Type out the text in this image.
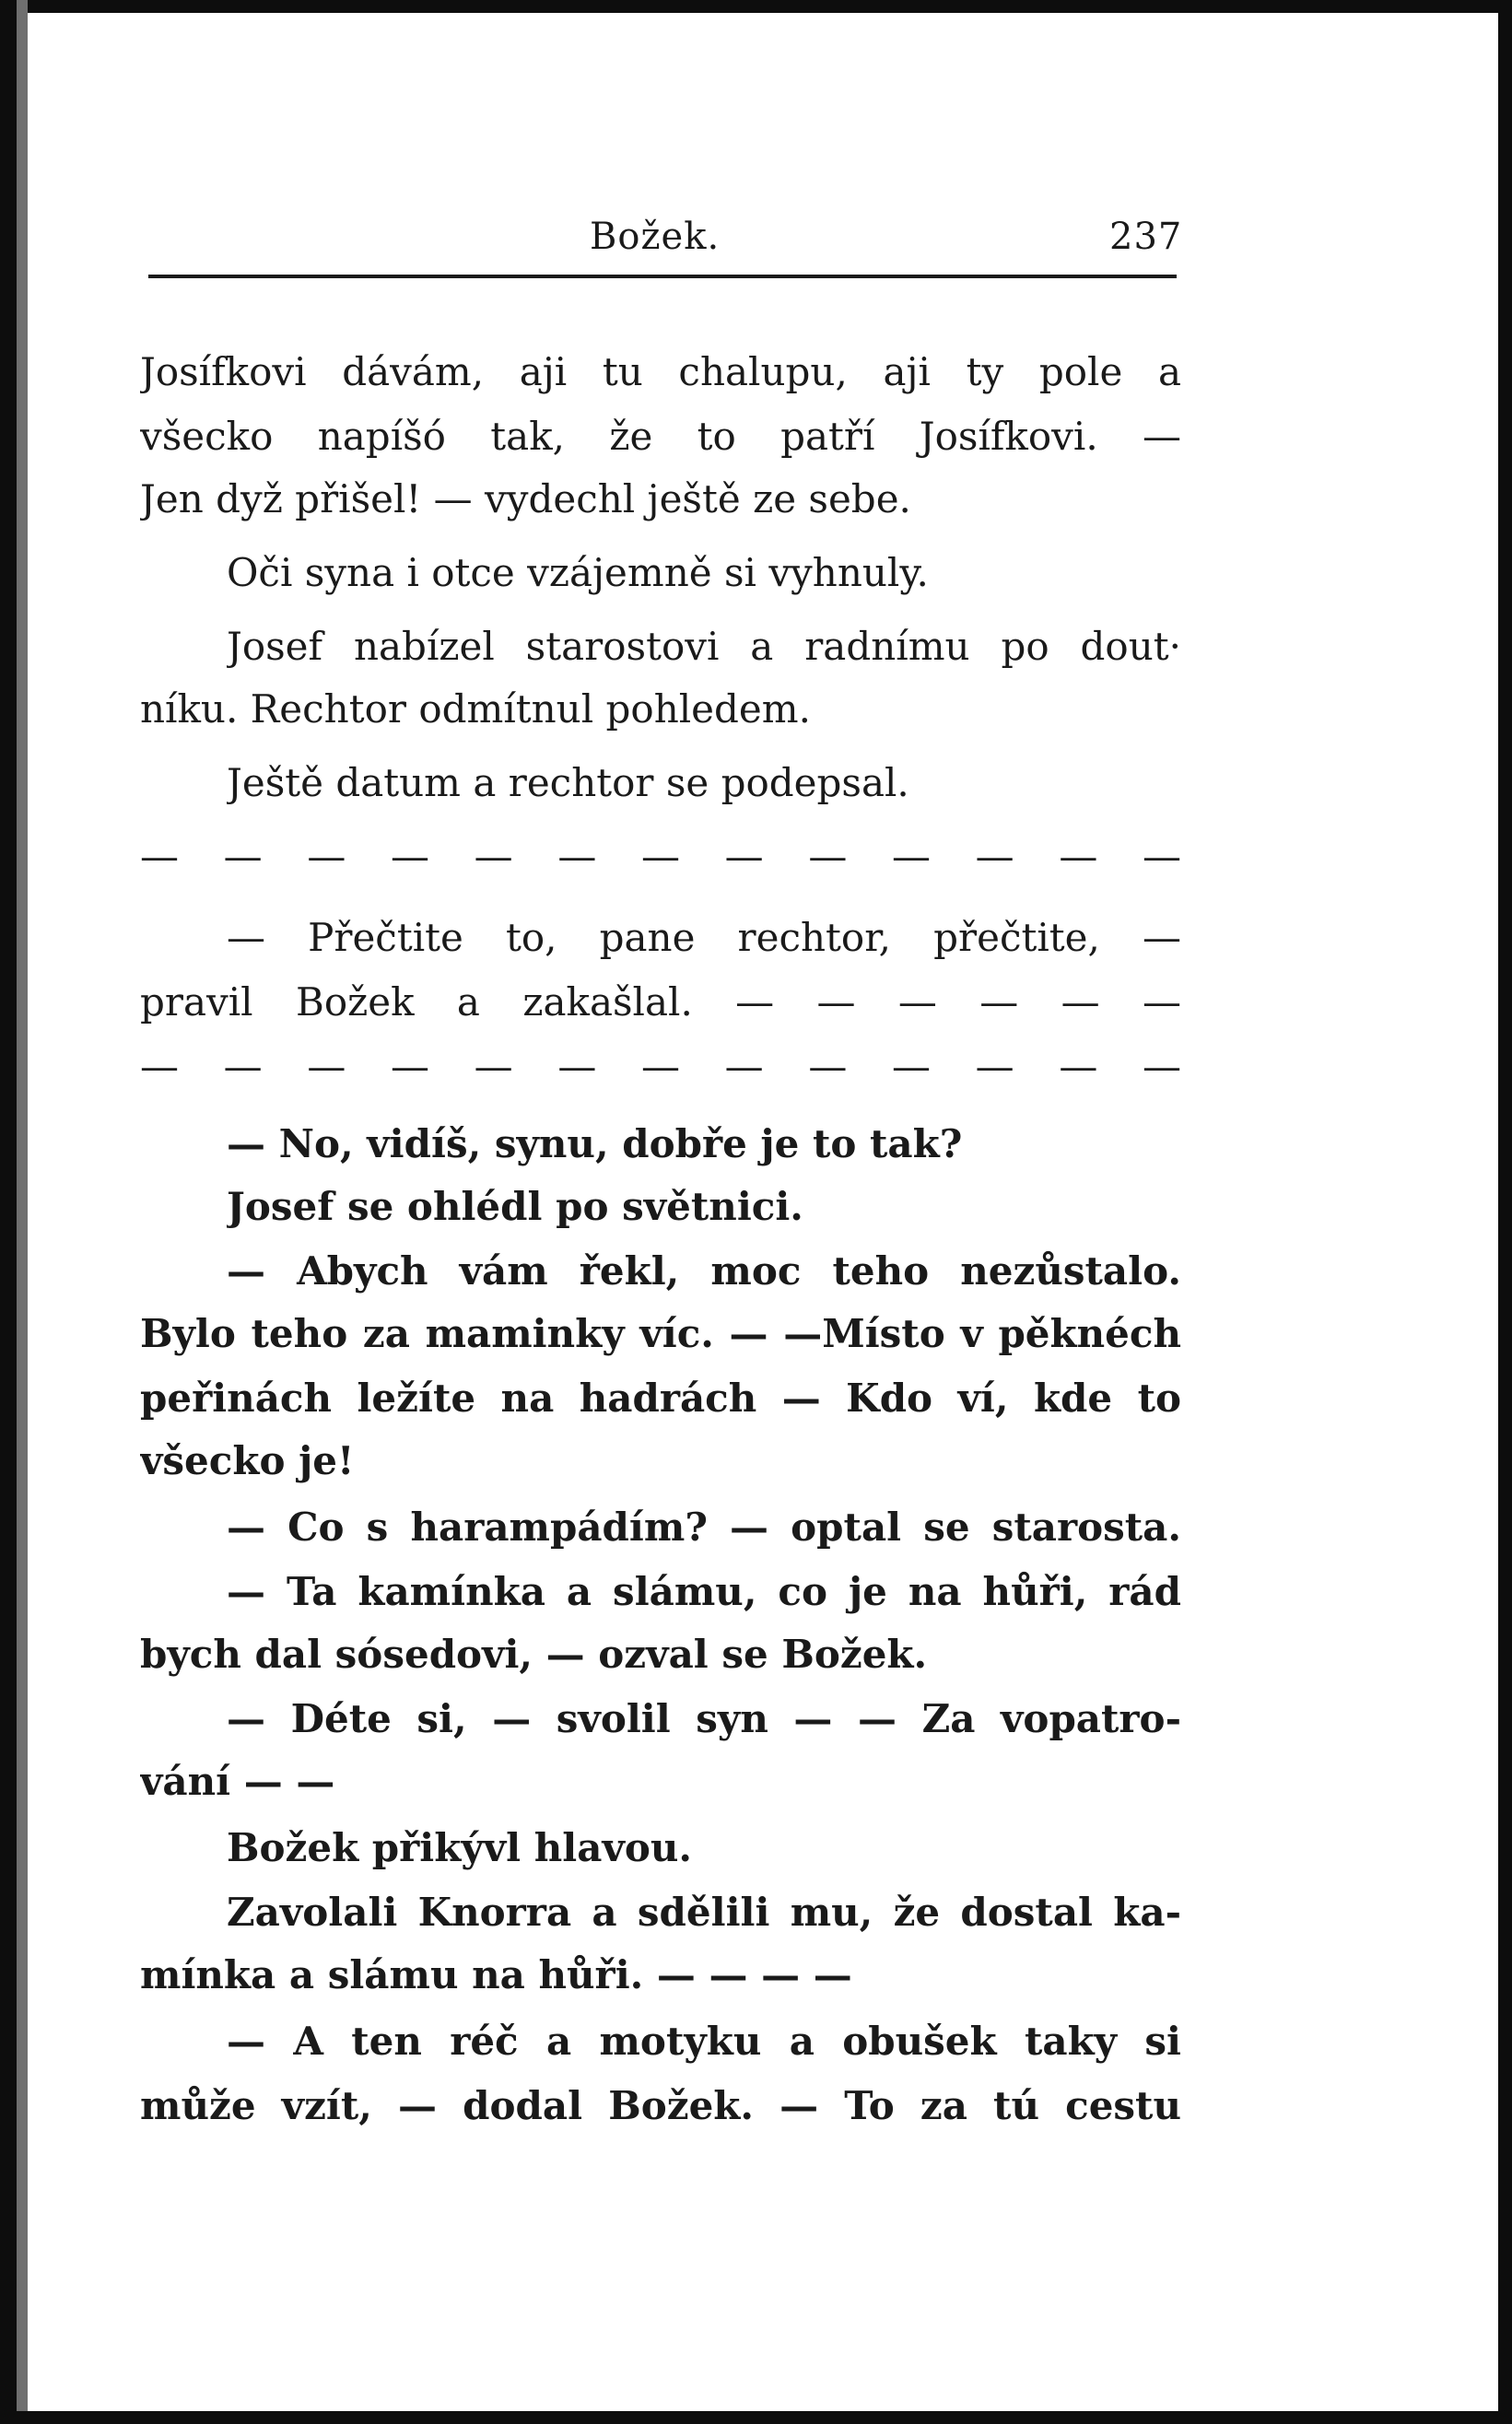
Božek.	237
Josífkovi dávám, aji tu chalupu, aji ty pole a
všecko napíšó tak, že to patří Josífkovi. —
Jen dyž přišel! — vydechl ještě ze sebe.
Oči syna i otce vzájemně si vyhnuly.
Josef nabízel starostovi a radnímu po dout·
níku. Rechtor odmítnul pohledem.
Ještě datum a rechtor se podepsal.
— — — — — — — — — — — — —
— Přečtite to, pane rechtor, přečtite, —
pravil Božek a zakašlal. — — — — — —
— — — — — — — — — — — — —
— No, vidíš, synu, dobře je to tak?
Josef se ohlédl po světnici.
— Abych vám řekl, moc teho nezůstalo.
Bylo teho za maminky víc. — —Místo v pěknéch
peřinách ležíte na hadrách — Kdo ví, kde to
všecko je!
— Co s harampádím? — optal se starosta.
— Ta kamínka a slámu, co je na hůři, rád
bych dal sósedovi, — ozval se Božek.
— Déte si, — svolil syn — — Za vopatro-
vání — —
Božek přikývl hlavou.
Zavolali Knorra a sdělili mu, že dostal ka-
mínka a slámu na hůři. — — — —
— A ten réč a motyku a obušek taky si
může vzít, — dodal Božek. — To za tú cestu
